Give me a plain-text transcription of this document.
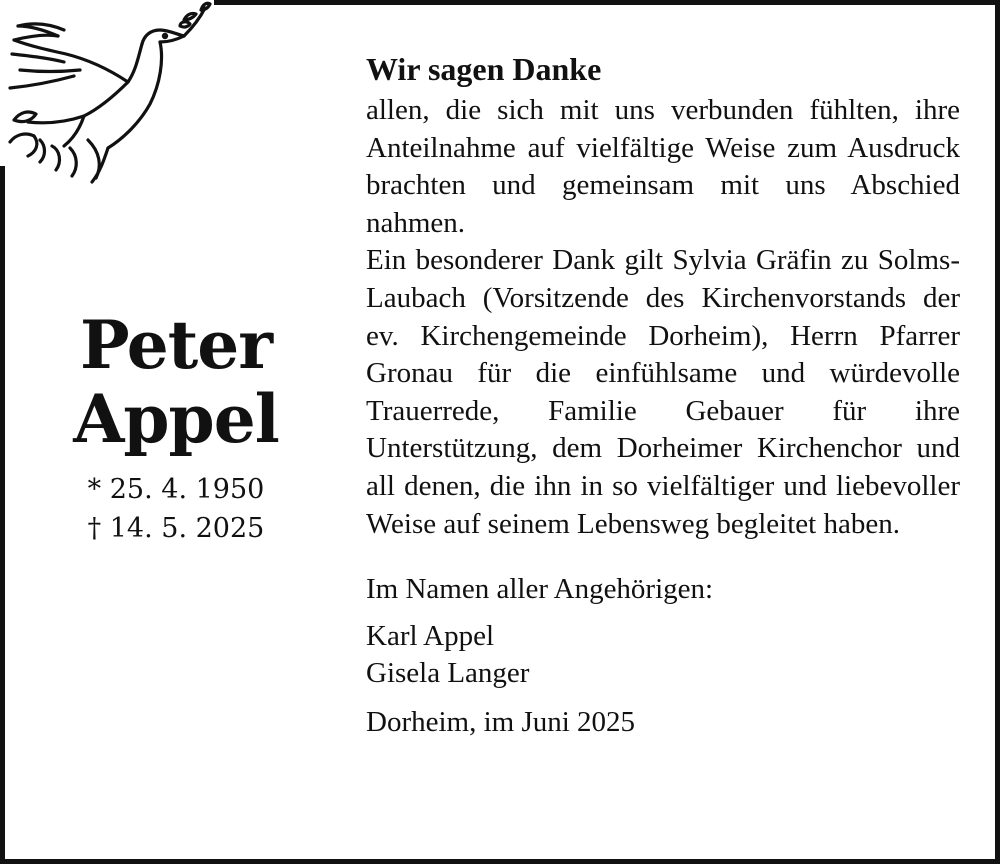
Peter
Appel
* 25. 4. 1950
† 14. 5. 2025
Wir sagen Danke

allen, die sich mit uns verbunden fühlten, ihre Anteilnahme auf vielfältige Weise zum Ausdruck brachten und gemeinsam mit uns Abschied nahmen.

Ein besonderer Dank gilt Sylvia Gräfin zu Solms-Laubach (Vorsitzende des Kirchenvorstands der ev. Kirchengemeinde Dorheim), Herrn Pfarrer Gronau für die einfühlsame und würdevolle Trauerrede, Familie Gebauer für ihre Unterstützung, dem Dorheimer Kirchenchor und all denen, die ihn in so vielfältiger und liebevoller Weise auf seinem Lebensweg begleitet haben.

Im Namen aller Angehörigen:
Karl Appel
Gisela Langer
Dorheim, im Juni 2025
